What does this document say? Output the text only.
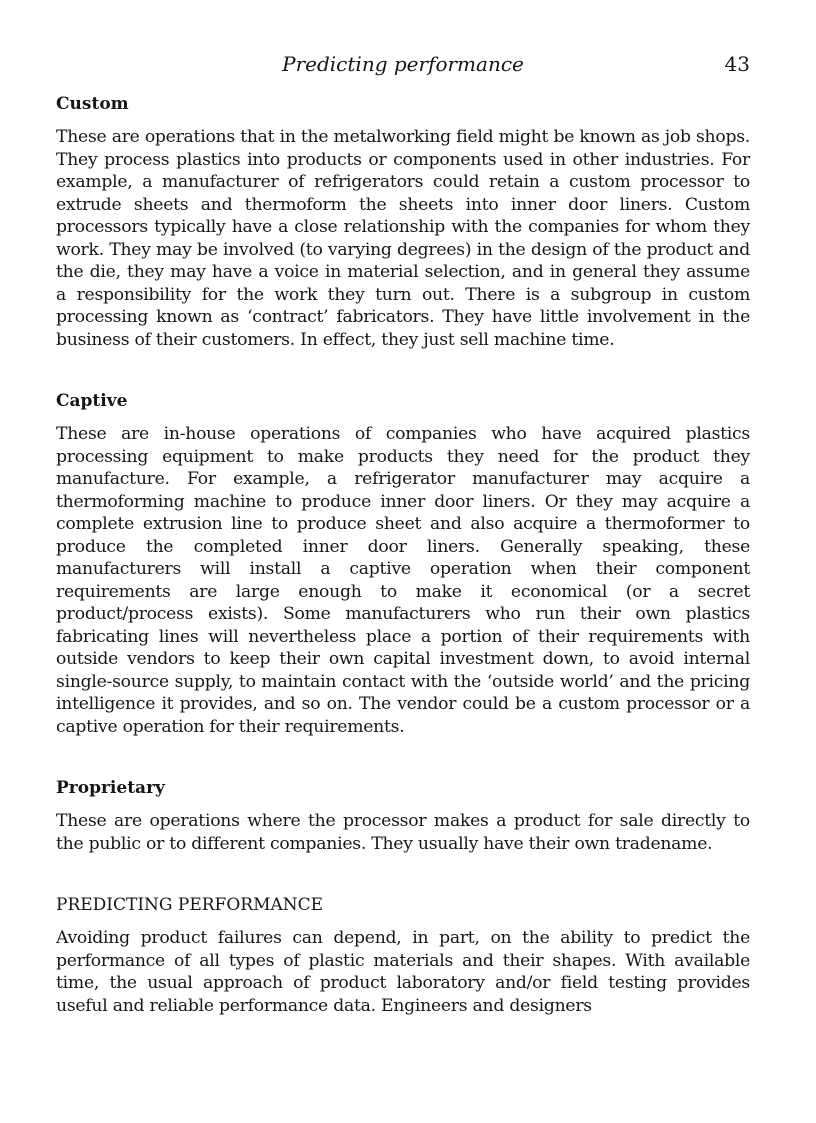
Predicting performance	43
Custom

These are operations that in the metalworking field might be known as job shops. They process plastics into products or components used in other industries. For example, a manufacturer of refrigerators could retain a custom processor to extrude sheets and thermoform the sheets into inner door liners. Custom processors typically have a close relationship with the companies for whom they work. They may be involved (to varying degrees) in the design of the product and the die, they may have a voice in material selection, and in general they assume a responsibility for the work they turn out. There is a subgroup in custom processing known as ‘contract’ fabricators. They have little involvement in the business of their customers. In effect, they just sell machine time.

Captive

These are in-house operations of companies who have acquired plastics processing equipment to make products they need for the product they manufacture. For example, a refrigerator manufacturer may acquire a thermoforming machine to produce inner door liners. Or they may acquire a complete extrusion line to produce sheet and also acquire a thermoformer to produce the completed inner door liners. Generally speaking, these manufacturers will install a captive operation when their component requirements are large enough to make it economical (or a secret product/process exists). Some manufacturers who run their own plastics fabricating lines will nevertheless place a portion of their requirements with outside vendors to keep their own capital investment down, to avoid internal single-source supply, to maintain contact with the ‘outside world’ and the pricing intelligence it provides, and so on. The vendor could be a custom processor or a captive operation for their requirements.

Proprietary

These are operations where the processor makes a product for sale directly to the public or to different companies. They usually have their own tradename.

PREDICTING PERFORMANCE

Avoiding product failures can depend, in part, on the ability to predict the performance of all types of plastic materials and their shapes. With available time, the usual approach of product laboratory and/or field testing provides useful and reliable performance data. Engineers and designers
